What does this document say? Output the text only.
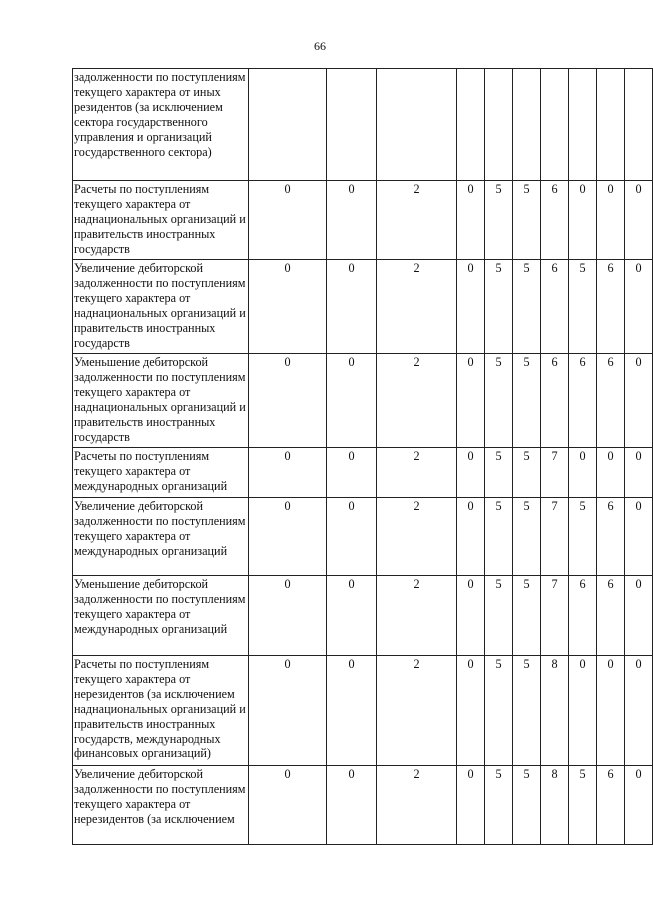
66
задолженности по поступлениям текущего характера от иных резидентов (за исключением сектора государственного управления и организаций государственного сектора)										
Расчеты по поступлениям текущего характера от наднациональных организаций и правительств иностранных государств	0	0	2	0	5	5	6	0	0	0
Увеличение дебиторской задолженности по поступлениям текущего характера от наднациональных организаций и правительств иностранных государств	0	0	2	0	5	5	6	5	6	0
Уменьшение дебиторской задолженности по поступлениям текущего характера от наднациональных организаций и правительств иностранных государств	0	0	2	0	5	5	6	6	6	0
Расчеты по поступлениям текущего характера от международных организаций	0	0	2	0	5	5	7	0	0	0
Увеличение дебиторской задолженности по поступлениям текущего характера от международных организаций	0	0	2	0	5	5	7	5	6	0
Уменьшение дебиторской задолженности по поступлениям текущего характера от международных организаций	0	0	2	0	5	5	7	6	6	0
Расчеты по поступлениям текущего характера от нерезидентов (за исключением наднациональных организаций и правительств иностранных государств, международных финансовых организаций)	0	0	2	0	5	5	8	0	0	0
Увеличение дебиторской задолженности по поступлениям текущего характера от нерезидентов (за исключением	0	0	2	0	5	5	8	5	6	0
